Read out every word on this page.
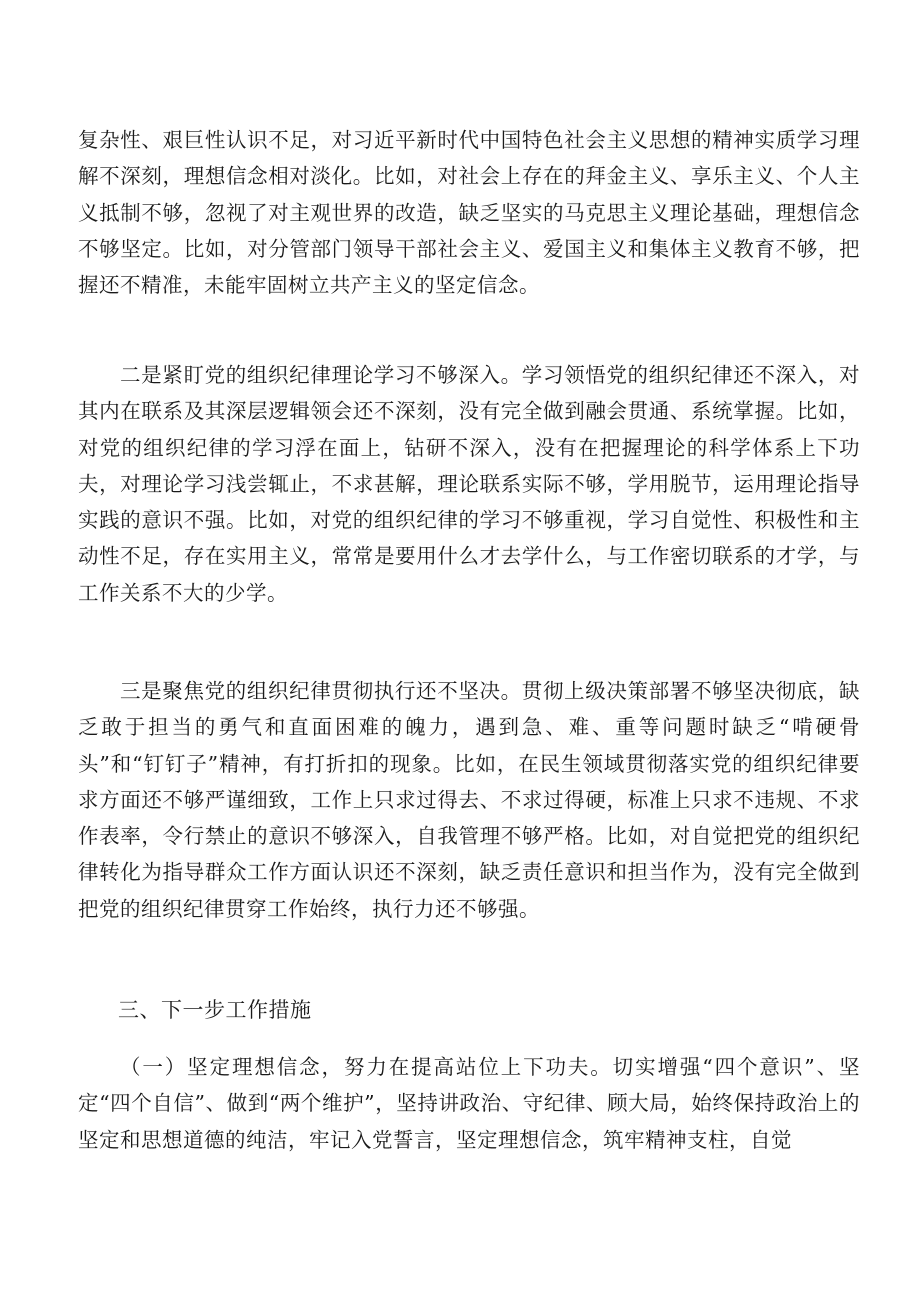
复杂性、艰巨性认识不足，对习近平新时代中国特色社会主义思想的精神实质学习理解不深刻，理想信念相对淡化。比如，对社会上存在的拜金主义、享乐主义、个人主义抵制不够，忽视了对主观世界的改造，缺乏坚实的马克思主义理论基础，理想信念不够坚定。比如，对分管部门领导干部社会主义、爱国主义和集体主义教育不够，把握还不精准，未能牢固树立共产主义的坚定信念。

二是紧盯党的组织纪律理论学习不够深入。学习领悟党的组织纪律还不深入，对其内在联系及其深层逻辑领会还不深刻，没有完全做到融会贯通、系统掌握。比如，对党的组织纪律的学习浮在面上，钻研不深入，没有在把握理论的科学体系上下功夫，对理论学习浅尝辄止，不求甚解，理论联系实际不够，学用脱节，运用理论指导实践的意识不强。比如，对党的组织纪律的学习不够重视，学习自觉性、积极性和主动性不足，存在实用主义，常常是要用什么才去学什么，与工作密切联系的才学，与工作关系不大的少学。

三是聚焦党的组织纪律贯彻执行还不坚决。贯彻上级决策部署不够坚决彻底，缺乏敢于担当的勇气和直面困难的魄力，遇到急、难、重等问题时缺乏“啃硬骨头”和“钉钉子”精神，有打折扣的现象。比如，在民生领域贯彻落实党的组织纪律要求方面还不够严谨细致，工作上只求过得去、不求过得硬，标准上只求不违规、不求作表率，令行禁止的意识不够深入，自我管理不够严格。比如，对自觉把党的组织纪律转化为指导群众工作方面认识还不深刻，缺乏责任意识和担当作为，没有完全做到把党的组织纪律贯穿工作始终，执行力还不够强。

三、下一步工作措施

（一）坚定理想信念，努力在提高站位上下功夫。切实增强“四个意识”、坚定“四个自信”、做到“两个维护”，坚持讲政治、守纪律、顾大局，始终保持政治上的坚定和思想道德的纯洁，牢记入党誓言，坚定理想信念，筑牢精神支柱，自觉
